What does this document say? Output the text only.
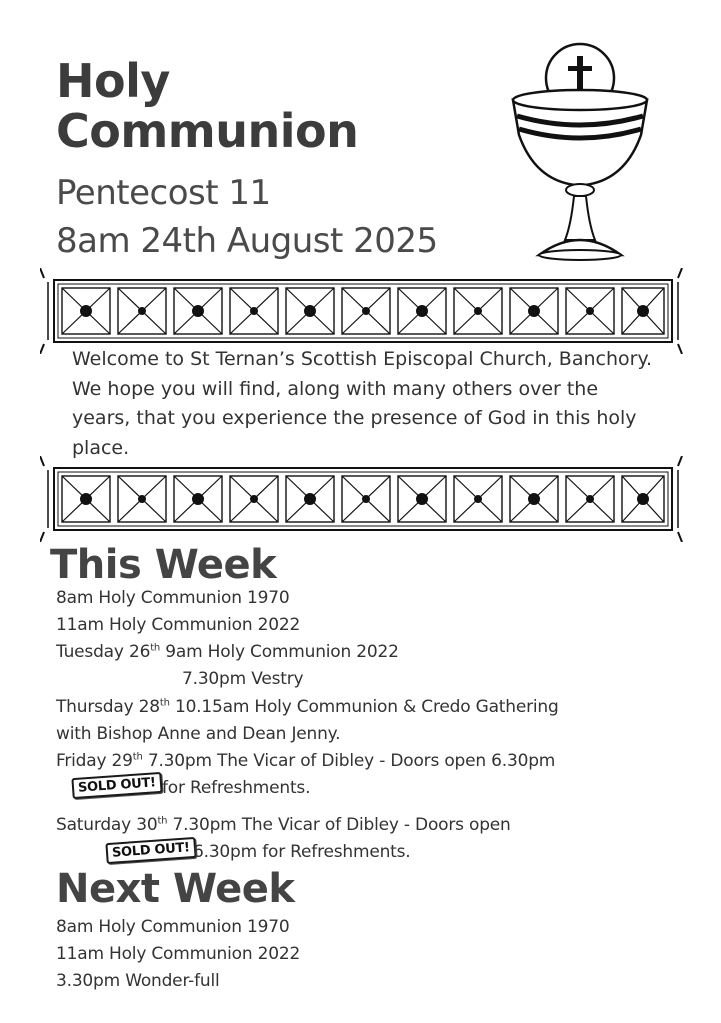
Holy
Communion
Pentecost 11
8am 24th August 2025
Welcome to St Ternan’s Scottish Episcopal Church, Banchory. We hope you will find, along with many others over the years, that you experience the presence of God in this holy place.
This Week
8am Holy Communion 1970
11am Holy Communion 2022
Tuesday 26th 9am Holy Communion 2022
7.30pm Vestry
Thursday 28th 10.15am Holy Communion & Credo Gathering
with Bishop Anne and Dean Jenny.
Friday 29th 7.30pm The Vicar of Dibley - Doors open 6.30pm
SOLD OUT! for Refreshments.
Saturday 30th 7.30pm The Vicar of Dibley - Doors open
SOLD OUT! 6.30pm for Refreshments.
Next Week
8am Holy Communion 1970
11am Holy Communion 2022
3.30pm Wonder-full
